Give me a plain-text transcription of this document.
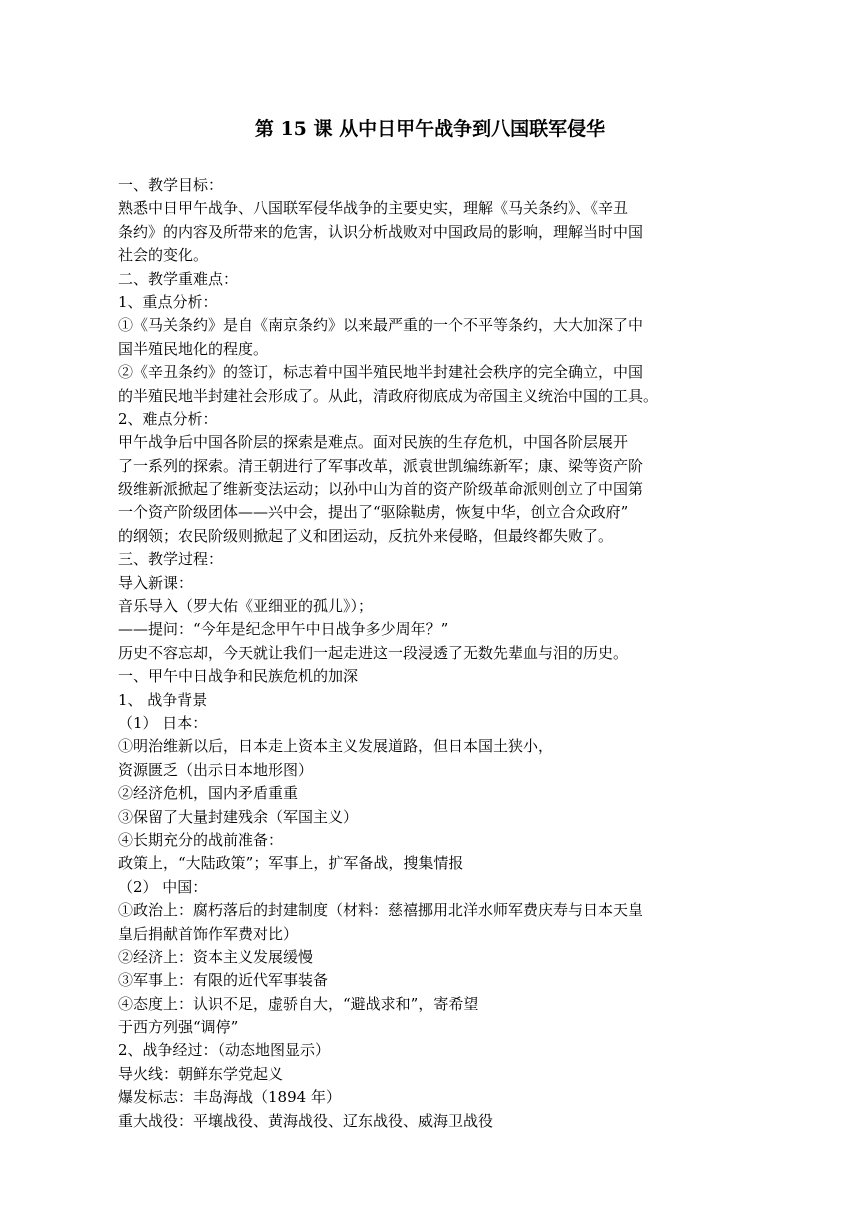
第 15 课 从中日甲午战争到八国联军侵华
一、教学目标：
熟悉中日甲午战争、八国联军侵华战争的主要史实，理解《马关条约》、《辛丑
条约》的内容及所带来的危害，认识分析战败对中国政局的影响，理解当时中国
社会的变化。
二、教学重难点：
1、重点分析：
①《马关条约》是自《南京条约》以来最严重的一个不平等条约，大大加深了中
国半殖民地化的程度。
②《辛丑条约》的签订，标志着中国半殖民地半封建社会秩序的完全确立，中国
的半殖民地半封建社会形成了。从此，清政府彻底成为帝国主义统治中国的工具。
2、难点分析：
甲午战争后中国各阶层的探索是难点。面对民族的生存危机，中国各阶层展开
了一系列的探索。清王朝进行了军事改革，派袁世凯编练新军；康、梁等资产阶
级维新派掀起了维新变法运动；以孙中山为首的资产阶级革命派则创立了中国第
一个资产阶级团体——兴中会，提出了“驱除鞑虏，恢复中华，创立合众政府”
的纲领；农民阶级则掀起了义和团运动，反抗外来侵略，但最终都失败了。
三、教学过程：
导入新课：
音乐导入（罗大佑《亚细亚的孤儿》）；
——提问：“今年是纪念甲午中日战争多少周年？”
历史不容忘却，今天就让我们一起走进这一段浸透了无数先辈血与泪的历史。
一、甲午中日战争和民族危机的加深
1、 战争背景
（1） 日本：
①明治维新以后，日本走上资本主义发展道路，但日本国土狭小，
资源匮乏（出示日本地形图）
②经济危机，国内矛盾重重
③保留了大量封建残余（军国主义）
④长期充分的战前准备：
政策上，“大陆政策”；军事上，扩军备战，搜集情报
（2） 中国：
①政治上：腐朽落后的封建制度（材料：慈禧挪用北洋水师军费庆寿与日本天皇
皇后捐献首饰作军费对比）
②经济上：资本主义发展缓慢
③军事上：有限的近代军事装备
④态度上：认识不足，虚骄自大，“避战求和”，寄希望
于西方列强“调停”
2、战争经过：（动态地图显示）
导火线：朝鲜东学党起义
爆发标志：丰岛海战（1894 年）
重大战役：平壤战役、黄海战役、辽东战役、威海卫战役
